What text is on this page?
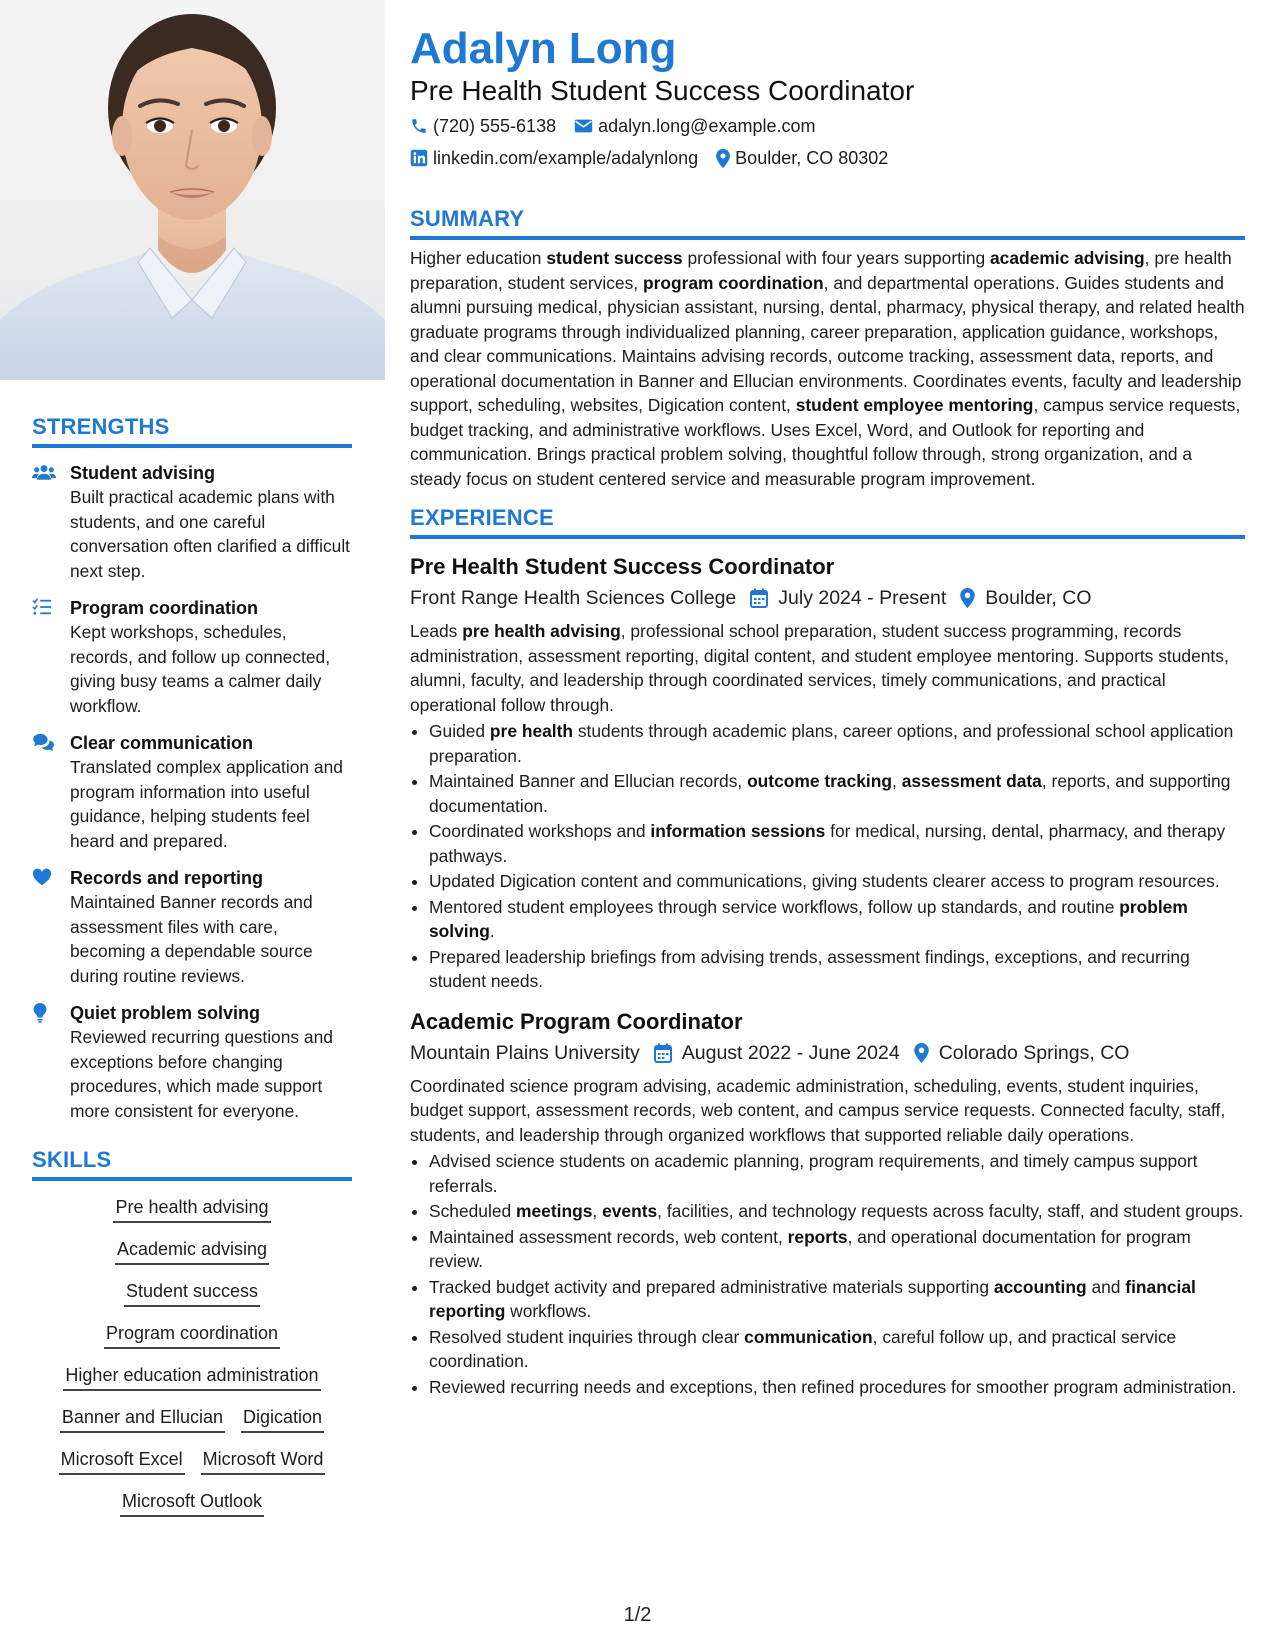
STRENGTHS
Student advising
Built practical academic plans with students, and one careful conversation often clarified a difficult next step.
Program coordination
Kept workshops, schedules, records, and follow up connected, giving busy teams a calmer daily workflow.
Clear communication
Translated complex application and program information into useful guidance, helping students feel heard and prepared.
Records and reporting
Maintained Banner records and assessment files with care, becoming a dependable source during routine reviews.
Quiet problem solving
Reviewed recurring questions and exceptions before changing procedures, which made support more consistent for everyone.
SKILLS
Pre health advising
Academic advising
Student success
Program coordination
Higher education administration
Banner and Ellucian Digication
Microsoft Excel Microsoft Word
Microsoft Outlook
Adalyn Long
Pre Health Student Success Coordinator
(720) 555-6138 adalyn.long@example.com
linkedin.com/example/adalynlong Boulder, CO 80302
SUMMARY
Higher education student success professional with four years supporting academic advising, pre health preparation, student services, program coordination, and departmental operations. Guides students and alumni pursuing medical, physician assistant, nursing, dental, pharmacy, physical therapy, and related health graduate programs through individualized planning, career preparation, application guidance, workshops, and clear communications. Maintains advising records, outcome tracking, assessment data, reports, and operational documentation in Banner and Ellucian environments. Coordinates events, faculty and leadership support, scheduling, websites, Digication content, student employee mentoring, campus service requests, budget tracking, and administrative workflows. Uses Excel, Word, and Outlook for reporting and communication. Brings practical problem solving, thoughtful follow through, strong organization, and a steady focus on student centered service and measurable program improvement.
EXPERIENCE
Pre Health Student Success Coordinator
Front Range Health Sciences College July 2024 - Present Boulder, CO
Leads pre health advising, professional school preparation, student success programming, records administration, assessment reporting, digital content, and student employee mentoring. Supports students, alumni, faculty, and leadership through coordinated services, timely communications, and practical operational follow through.
• Guided pre health students through academic plans, career options, and professional school application preparation.
• Maintained Banner and Ellucian records, outcome tracking, assessment data, reports, and supporting documentation.
• Coordinated workshops and information sessions for medical, nursing, dental, pharmacy, and therapy pathways.
• Updated Digication content and communications, giving students clearer access to program resources.
• Mentored student employees through service workflows, follow up standards, and routine problem solving.
• Prepared leadership briefings from advising trends, assessment findings, exceptions, and recurring student needs.
Academic Program Coordinator
Mountain Plains University August 2022 - June 2024 Colorado Springs, CO
Coordinated science program advising, academic administration, scheduling, events, student inquiries, budget support, assessment records, web content, and campus service requests. Connected faculty, staff, students, and leadership through organized workflows that supported reliable daily operations.
• Advised science students on academic planning, program requirements, and timely campus support referrals.
• Scheduled meetings, events, facilities, and technology requests across faculty, staff, and student groups.
• Maintained assessment records, web content, reports, and operational documentation for program review.
• Tracked budget activity and prepared administrative materials supporting accounting and financial reporting workflows.
• Resolved student inquiries through clear communication, careful follow up, and practical service coordination.
• Reviewed recurring needs and exceptions, then refined procedures for smoother program administration.
1/2
